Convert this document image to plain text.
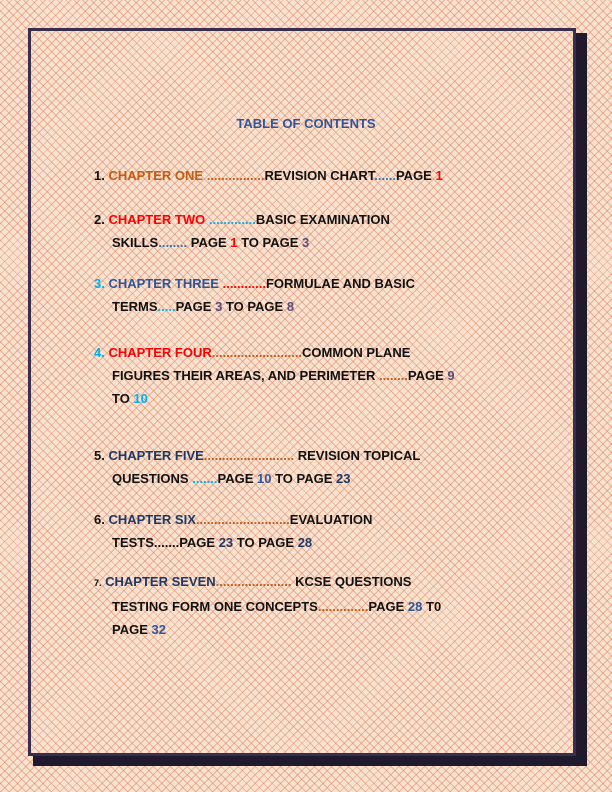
TABLE OF CONTENTS
1. CHAPTER ONE ................REVISION CHART......PAGE 1
2. CHAPTER TWO .............BASIC EXAMINATION
SKILLS........ PAGE 1 TO PAGE 3
3. CHAPTER THREE ............FORMULAE AND BASIC
TERMS.....PAGE 3 TO PAGE 8
4. CHAPTER FOUR.........................COMMON PLANE
FIGURES THEIR AREAS, AND PERIMETER ........PAGE 9
TO 10
5. CHAPTER FIVE......................... REVISION TOPICAL
QUESTIONS .......PAGE 10 TO PAGE 23
6. CHAPTER SIX..........................EVALUATION
TESTS.......PAGE 23 TO PAGE 28
7. CHAPTER SEVEN..................... KCSE QUESTIONS
TESTING FORM ONE CONCEPTS..............PAGE 28 T0
PAGE 32
